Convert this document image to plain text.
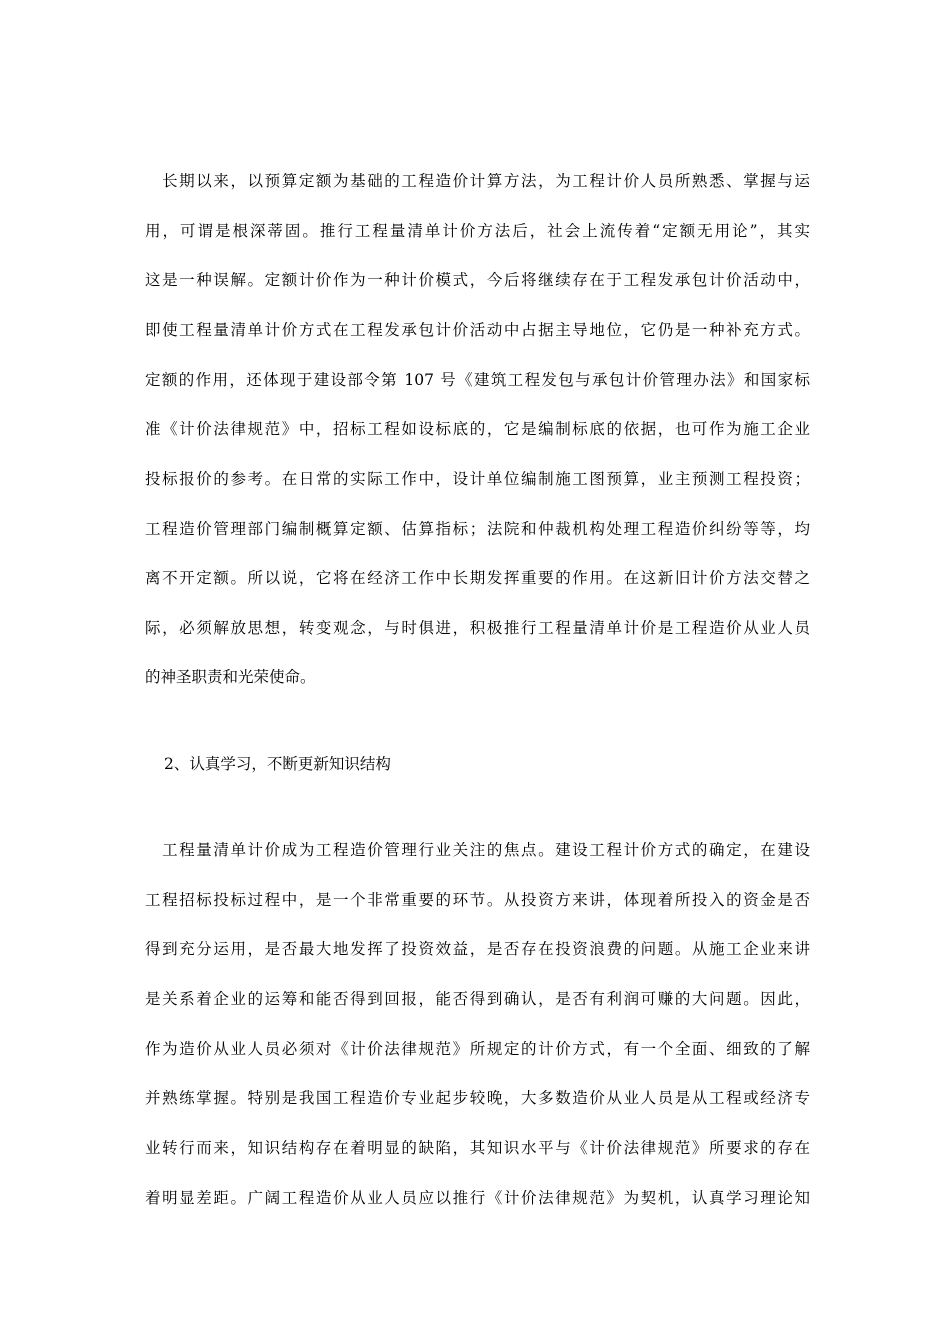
　长期以来，以预算定额为基础的工程造价计算方法，为工程计价人员所熟悉、掌握与运
用，可谓是根深蒂固。推行工程量清单计价方法后，社会上流传着“定额无用论”，其实
这是一种误解。定额计价作为一种计价模式，今后将继续存在于工程发承包计价活动中，
即使工程量清单计价方式在工程发承包计价活动中占据主导地位，它仍是一种补充方式。
定额的作用，还体现于建设部令第 107 号《建筑工程发包与承包计价管理办法》和国家标
准《计价法律规范》中，招标工程如设标底的，它是编制标底的依据，也可作为施工企业
投标报价的参考。在日常的实际工作中，设计单位编制施工图预算，业主预测工程投资；
工程造价管理部门编制概算定额、估算指标；法院和仲裁机构处理工程造价纠纷等等，均
离不开定额。所以说，它将在经济工作中长期发挥重要的作用。在这新旧计价方法交替之
际，必须解放思想，转变观念，与时俱进，积极推行工程量清单计价是工程造价从业人员
的神圣职责和光荣使命。
2、认真学习，不断更新知识结构
　工程量清单计价成为工程造价管理行业关注的焦点。建设工程计价方式的确定，在建设
工程招标投标过程中，是一个非常重要的环节。从投资方来讲，体现着所投入的资金是否
得到充分运用，是否最大地发挥了投资效益，是否存在投资浪费的问题。从施工企业来讲
是关系着企业的运筹和能否得到回报，能否得到确认，是否有利润可赚的大问题。因此，
作为造价从业人员必须对《计价法律规范》所规定的计价方式，有一个全面、细致的了解
并熟练掌握。特别是我国工程造价专业起步较晚，大多数造价从业人员是从工程或经济专
业转行而来，知识结构存在着明显的缺陷，其知识水平与《计价法律规范》所要求的存在
着明显差距。广阔工程造价从业人员应以推行《计价法律规范》为契机，认真学习理论知
